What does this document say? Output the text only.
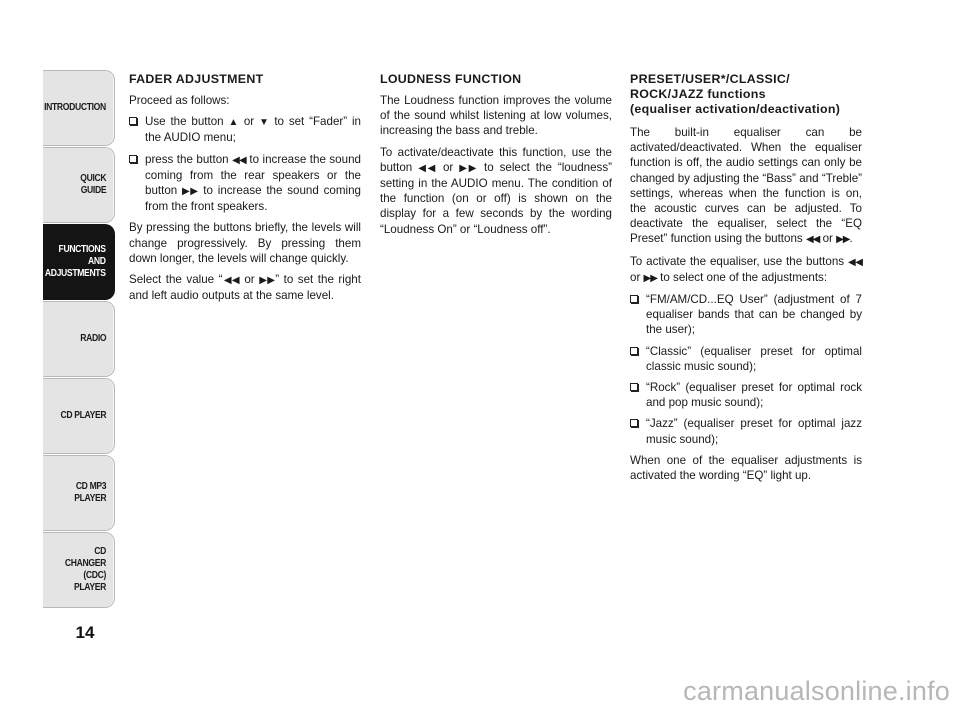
INTRODUCTION
QUICK
GUIDE
FUNCTIONS
AND
ADJUSTMENTS
RADIO
CD PLAYER
CD MP3
PLAYER
CD CHANGER
(CDC) PLAYER
14
FADER ADJUSTMENT

Proceed as follows:

Use the button ▲ or ▼ to set “Fader” in the AUDIO menu;
press the button ◀◀ to increase the sound coming from the rear speakers or the button ▶▶ to increase the sound coming from the front speakers.

By pressing the buttons briefly, the levels will change progressively. By pressing them down longer, the levels will change quickly.

Select the value “◀◀ or ▶▶” to set the right and left audio outputs at the same level.

LOUDNESS FUNCTION

The Loudness function improves the volume of the sound whilst listening at low volumes, increasing the bass and treble.

To activate/deactivate this function, use the button ◀◀ or ▶▶ to select the “loudness” setting in the AUDIO menu. The condition of the function (on or off) is shown on the display for a few seconds by the wording “Loudness On” or “Loudness off”.

PRESET/USER*/CLASSIC/
ROCK/JAZZ functions
(equaliser activation/deactivation)

The built-in equaliser can be activated/deactivated. When the equaliser function is off, the audio settings can only be changed by adjusting the “Bass” and “Treble” settings, whereas when the function is on, the acoustic curves can be adjusted. To deactivate the equaliser, select the “EQ Preset” function using the buttons ◀◀ or ▶▶.

To activate the equaliser, use the buttons ◀◀ or ▶▶ to select one of the adjustments:

“FM/AM/CD...EQ User” (adjustment of 7 equaliser bands that can be changed by the user);
“Classic” (equaliser preset for optimal classic music sound);
“Rock” (equaliser preset for optimal rock and pop music sound);
“Jazz” (equaliser preset for optimal jazz music sound);

When one of the equaliser adjustments is activated the wording “EQ” light up.

carmanualsonline.info
